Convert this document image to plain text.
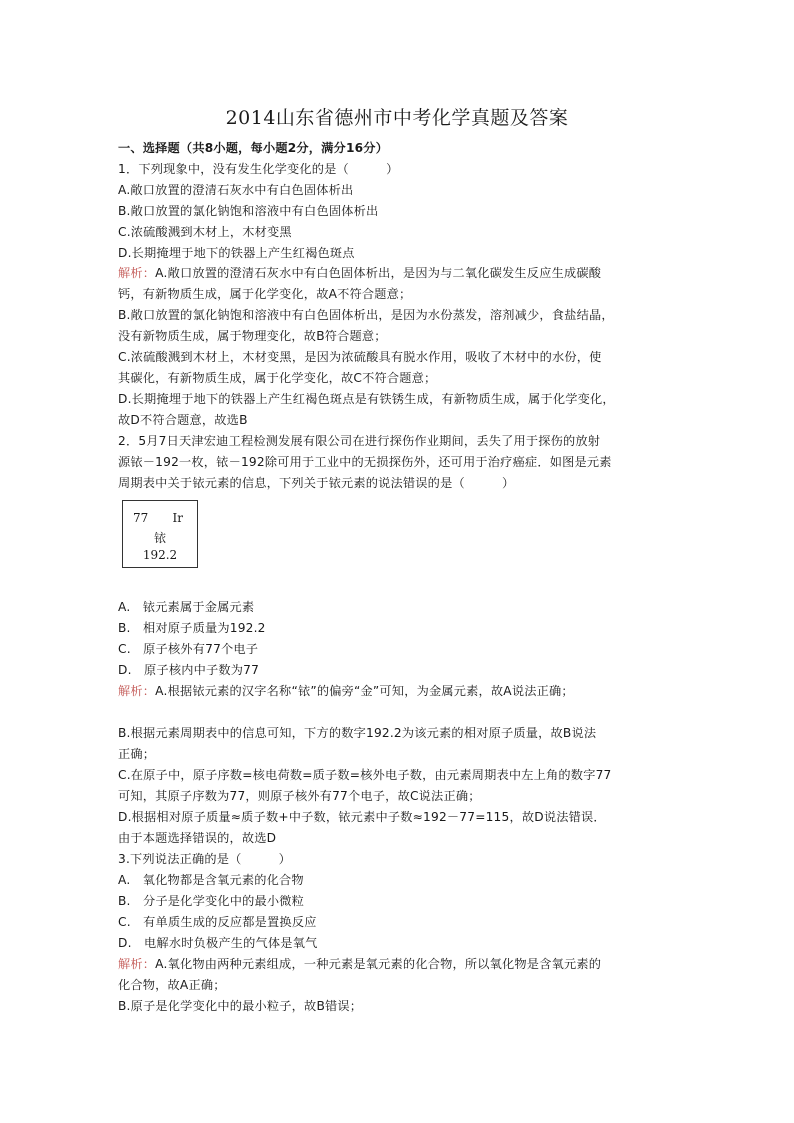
2014山东省德州市中考化学真题及答案
一、选择题（共8小题，每小题2分，满分16分）
1．下列现象中，没有发生化学变化的是（　　　）
A.敞口放置的澄清石灰水中有白色固体析出
B.敞口放置的氯化钠饱和溶液中有白色固体析出
C.浓硫酸溅到木材上，木材变黑
D.长期掩埋于地下的铁器上产生红褐色斑点
解析：A.敞口放置的澄清石灰水中有白色固体析出，是因为与二氧化碳发生反应生成碳酸
钙，有新物质生成，属于化学变化，故A不符合题意；
B.敞口放置的氯化钠饱和溶液中有白色固体析出，是因为水份蒸发，溶剂减少，食盐结晶，
没有新物质生成，属于物理变化，故B符合题意；
C.浓硫酸溅到木材上，木材变黑，是因为浓硫酸具有脱水作用，吸收了木材中的水份，使
其碳化，有新物质生成，属于化学变化，故C不符合题意；
D.长期掩埋于地下的铁器上产生红褐色斑点是有铁锈生成，有新物质生成，属于化学变化，
故D不符合题意，故选B
2．5月7日天津宏迪工程检测发展有限公司在进行探伤作业期间，丢失了用于探伤的放射
源铱－192一枚，铱－192除可用于工业中的无损探伤外，还可用于治疗癌症．如图是元素
周期表中关于铱元素的信息，下列关于铱元素的说法错误的是（　　　）
77 Ir
铱
192.2
A.　铱元素属于金属元素
B.　相对原子质量为192.2
C.　原子核外有77个电子
D.　原子核内中子数为77
解析：A.根据铱元素的汉字名称“铱”的偏旁“金”可知，为金属元素，故A说法正确；
B.根据元素周期表中的信息可知，下方的数字192.2为该元素的相对原子质量，故B说法
正确；
C.在原子中，原子序数=核电荷数=质子数=核外电子数，由元素周期表中左上角的数字77
可知，其原子序数为77，则原子核外有77个电子，故C说法正确；
D.根据相对原子质量≈质子数+中子数，铱元素中子数≈192－77=115，故D说法错误．
由于本题选择错误的，故选D
3.下列说法正确的是（　　　）
A.　氧化物都是含氧元素的化合物
B.　分子是化学变化中的最小微粒
C.　有单质生成的反应都是置换反应
D.　电解水时负极产生的气体是氧气
解析：A.氧化物由两种元素组成，一种元素是氧元素的化合物，所以氧化物是含氧元素的
化合物，故A正确；
B.原子是化学变化中的最小粒子，故B错误；
